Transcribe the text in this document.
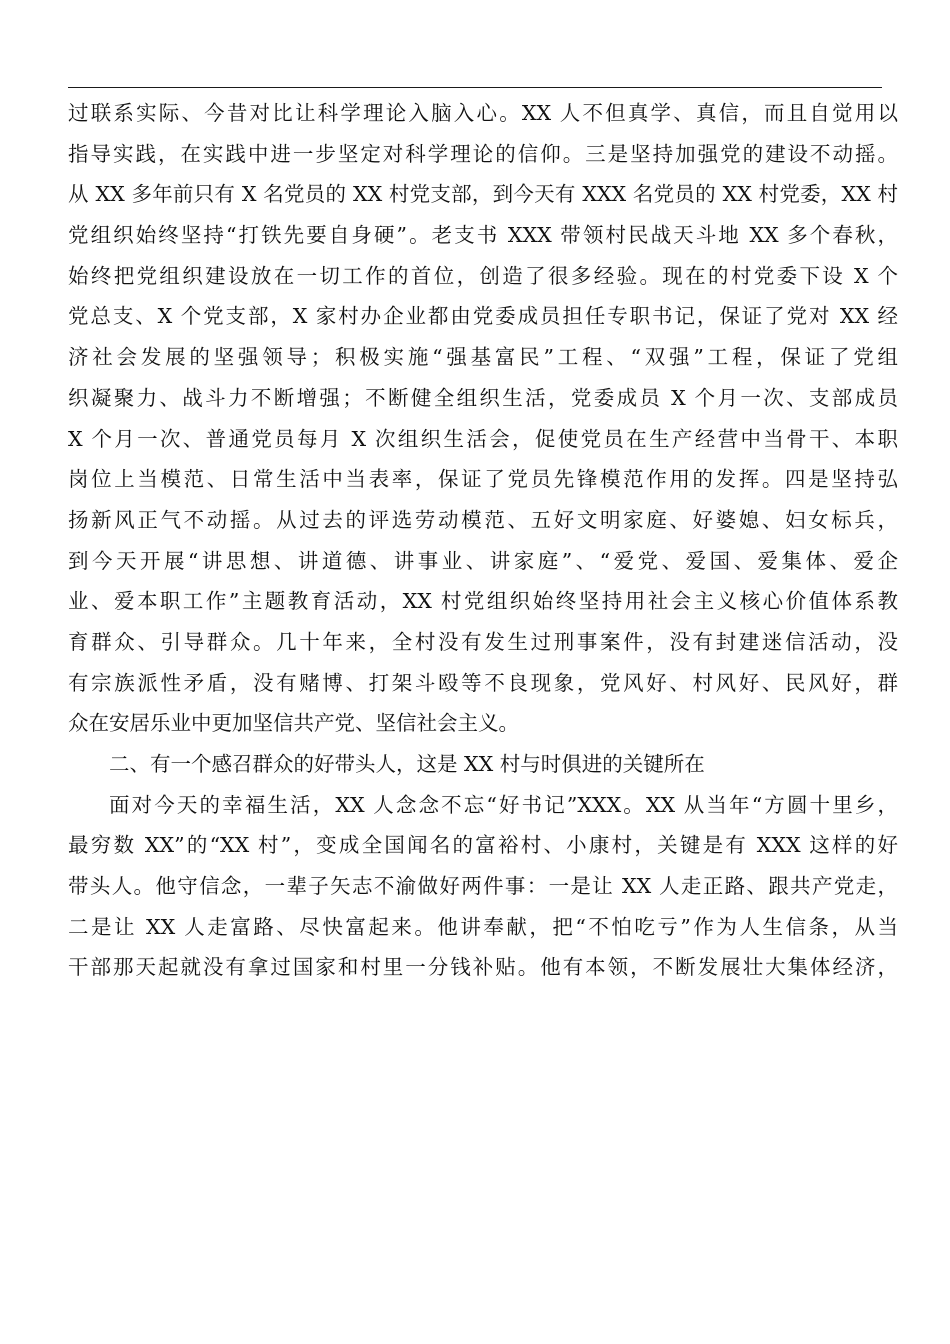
过联系实际、今昔对比让科学理论入脑入心。XX 人不但真学、真信，而且自觉用以
指导实践，在实践中进一步坚定对科学理论的信仰。三是坚持加强党的建设不动摇。
从 XX 多年前只有 X 名党员的 XX 村党支部，到今天有 XXX 名党员的 XX 村党委，XX 村
党组织始终坚持“打铁先要自身硬”。老支书 XXX 带领村民战天斗地 XX 多个春秋，
始终把党组织建设放在一切工作的首位，创造了很多经验。现在的村党委下设 X 个
党总支、X 个党支部，X 家村办企业都由党委成员担任专职书记，保证了党对 XX 经
济社会发展的坚强领导；积极实施“强基富民”工程、“双强”工程，保证了党组
织凝聚力、战斗力不断增强；不断健全组织生活，党委成员 X 个月一次、支部成员
X 个月一次、普通党员每月 X 次组织生活会，促使党员在生产经营中当骨干、本职
岗位上当模范、日常生活中当表率，保证了党员先锋模范作用的发挥。四是坚持弘
扬新风正气不动摇。从过去的评选劳动模范、五好文明家庭、好婆媳、妇女标兵，
到今天开展“讲思想、讲道德、讲事业、讲家庭”、“爱党、爱国、爱集体、爱企
业、爱本职工作”主题教育活动，XX 村党组织始终坚持用社会主义核心价值体系教
育群众、引导群众。几十年来，全村没有发生过刑事案件，没有封建迷信活动，没
有宗族派性矛盾，没有赌博、打架斗殴等不良现象，党风好、村风好、民风好，群
众在安居乐业中更加坚信共产党、坚信社会主义。
二、有一个感召群众的好带头人，这是 XX 村与时俱进的关键所在
面对今天的幸福生活，XX 人念念不忘“好书记”XXX。XX 从当年“方圆十里乡，
最穷数 XX”的“XX 村”，变成全国闻名的富裕村、小康村，关键是有 XXX 这样的好
带头人。他守信念，一辈子矢志不渝做好两件事：一是让 XX 人走正路、跟共产党走，
二是让 XX 人走富路、尽快富起来。他讲奉献，把“不怕吃亏”作为人生信条，从当
干部那天起就没有拿过国家和村里一分钱补贴。他有本领，不断发展壮大集体经济，
